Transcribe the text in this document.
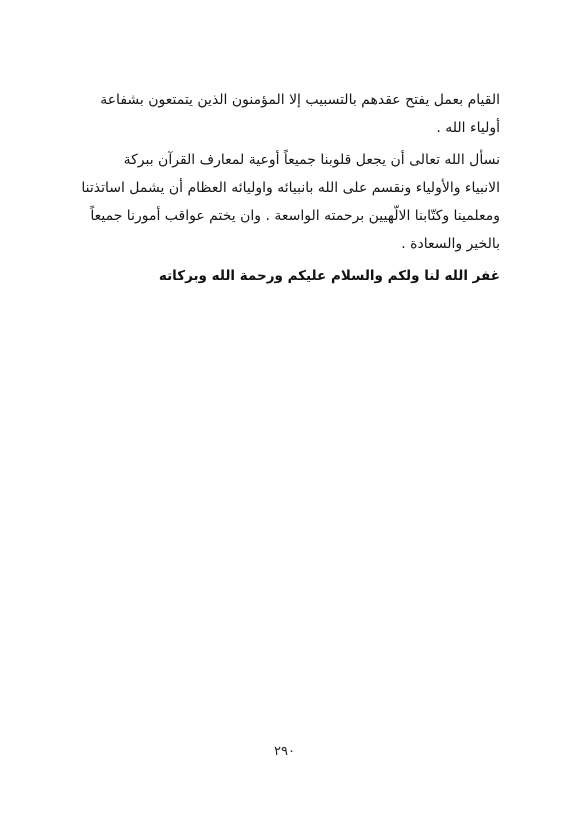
القيام بعمل يفتح عقدهم بالتسبيب إلا المؤمنون الذين يتمتعون بشفاعة
أولياء الله .
نسأل الله تعالى أن يجعل قلوبنا جميعاً أوعية لمعارف القرآن ببركة
الانبياء والأولياء ونقسم على الله بانبيائه واوليائه العظام أن يشمل اساتذتنا
ومعلمينا وكتّابنا الالّهيين برحمته الواسعة . وان يختم عواقب أمورنا جميعاً
بالخير والسعادة .
غفر الله لنا ولكم والسلام عليكم ورحمة الله وبركاته
٢٩٠
